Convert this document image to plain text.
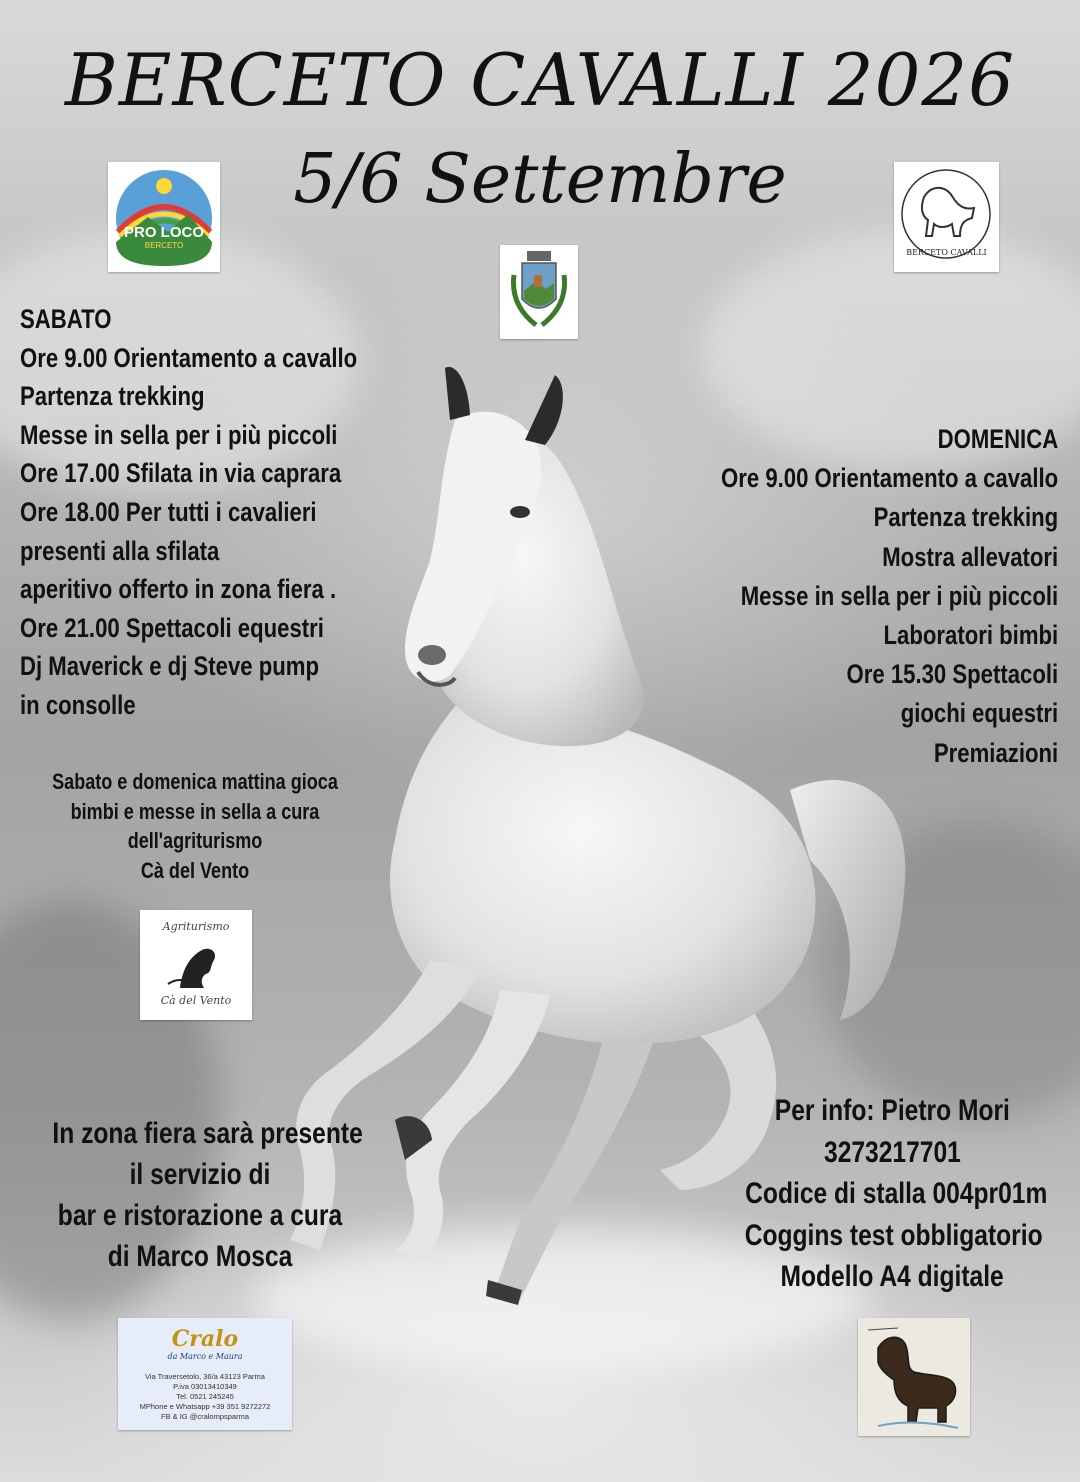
BERCETO CAVALLI 2026
5/6 Settembre
PRO LOCO
BERCETO
BERCETO CAVALLI
SABATO
Ore 9.00 Orientamento a cavallo
Partenza trekking
Messe in sella per i più piccoli
Ore 17.00 Sfilata in via caprara
Ore 18.00 Per tutti i cavalieri
presenti alla sfilata
aperitivo offerto in zona fiera .
Ore 21.00 Spettacoli equestri
Dj Maverick e dj Steve pump
in consolle
DOMENICA
Ore 9.00 Orientamento a cavallo
Partenza trekking
Mostra allevatori
Messe in sella per i più piccoli
Laboratori bimbi
Ore 15.30 Spettacoli
giochi equestri
Premiazioni
Sabato e domenica mattina gioca
bimbi e messe in sella a cura
dell'agriturismo
Cà del Vento
Agriturismo
Cà del Vento
In zona fiera sarà presente
il servizio di
bar e ristorazione a cura
di Marco Mosca
Per info: Pietro Mori
3273217701
Codice di stalla 004pr01m
Coggins test obbligatorio
Modello A4 digitale
Cralo
da Marco e Maura
Via Traversetolo, 36/a 43123 Parma
P.iva 03013410349
Tel. 0521 245245
MPhone e Whatsapp +39 351 9272272
FB & IG @cralompsparma
